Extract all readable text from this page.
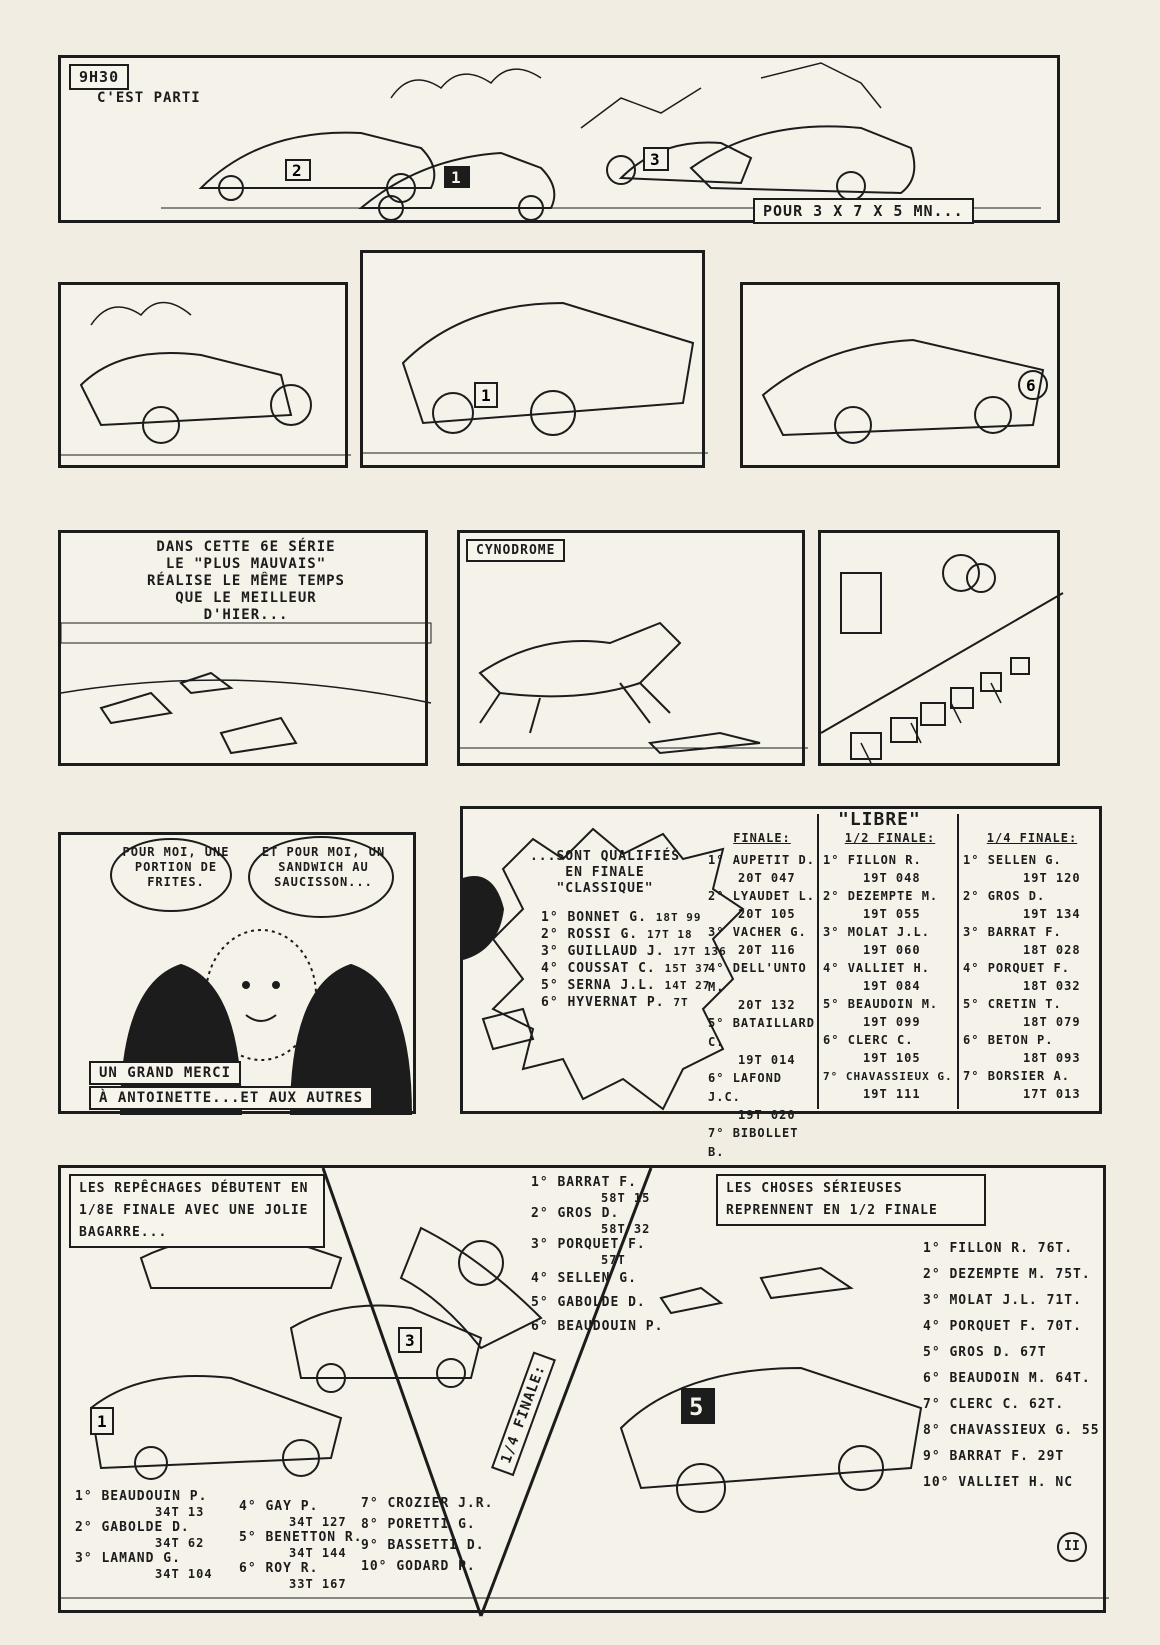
2	1
3
9H30
C'EST PARTI
POUR 3 X 7 X 5 MN...
1
6
DANS CETTE 6E SÉRIE LE "PLUS MAUVAIS" RÉALISE LE MÊME TEMPS QUE LE MEILLEUR D'HIER...
CYNODROME
POUR MOI, UNE PORTION DE FRITES.
ET POUR MOI, UN SANDWICH AU SAUCISSON...
UN GRAND MERCI
À ANTOINETTE...ET AUX AUTRES
"LIBRE"
...SONT QUALIFIÉS EN FINALE "CLASSIQUE"
1° BONNET G. 18T 99
2° ROSSI G. 17T 18
3° GUILLAUD J. 17T 136
4° COUSSAT C. 15T 37
5° SERNA J.L. 14T 27
6° HYVERNAT P. 7T
FINALE:
1° AUPETIT D.
20T 047
2° LYAUDET L.
20T 105
3° VACHER G.
20T 116
4° DELL'UNTO M.
20T 132
5° BATAILLARD C.
19T 014
6° LAFOND J.C.
19T 020
7° BIBOLLET B.
1/2 FINALE:
1° FILLON R.
19T 048
2° DEZEMPTE M.
19T 055
3° MOLAT J.L.
19T 060
4° VALLIET H.
19T 084
5° BEAUDOIN M.
19T 099
6° CLERC C.
19T 105
7° CHAVASSIEUX G.
19T 111
1/4 FINALE:
1° SELLEN G.
19T 120
2° GROS D.
19T 134
3° BARRAT F.
18T 028
4° PORQUET F.
18T 032
5° CRETIN T.
18T 079
6° BETON P.
18T 093
7° BORSIER A.
17T 013
1
3
5
LES REPÊCHAGES DÉBUTENT EN 1/8E FINALE AVEC UNE JOLIE BAGARRE...
1° BEAUDOUIN P.
34T 13
2° GABOLDE D.
34T 62
3° LAMAND G.
34T 104
4° GAY P.
34T 127
5° BENETTON R.
34T 144
6° ROY R.
33T 167
7° CROZIER J.R.
8° PORETTI G.
9° BASSETTI D.
10° GODARD P.
1° BARRAT F.
58T 15
2° GROS D.
58T 32
3° PORQUET F.
57T
4° SELLEN G.
5° GABOLDE D.
6° BEAUDOUIN P.
1/4 FINALE:
LES CHOSES SÉRIEUSES REPRENNENT EN 1/2 FINALE
1° FILLON R. 76T.
2° DEZEMPTE M. 75T.
3° MOLAT J.L. 71T.
4° PORQUET F. 70T.
5° GROS D. 67T
6° BEAUDOIN M. 64T.
7° CLERC C. 62T.
8° CHAVASSIEUX G. 55
9° BARRAT F. 29T
10° VALLIET H. NC
II
